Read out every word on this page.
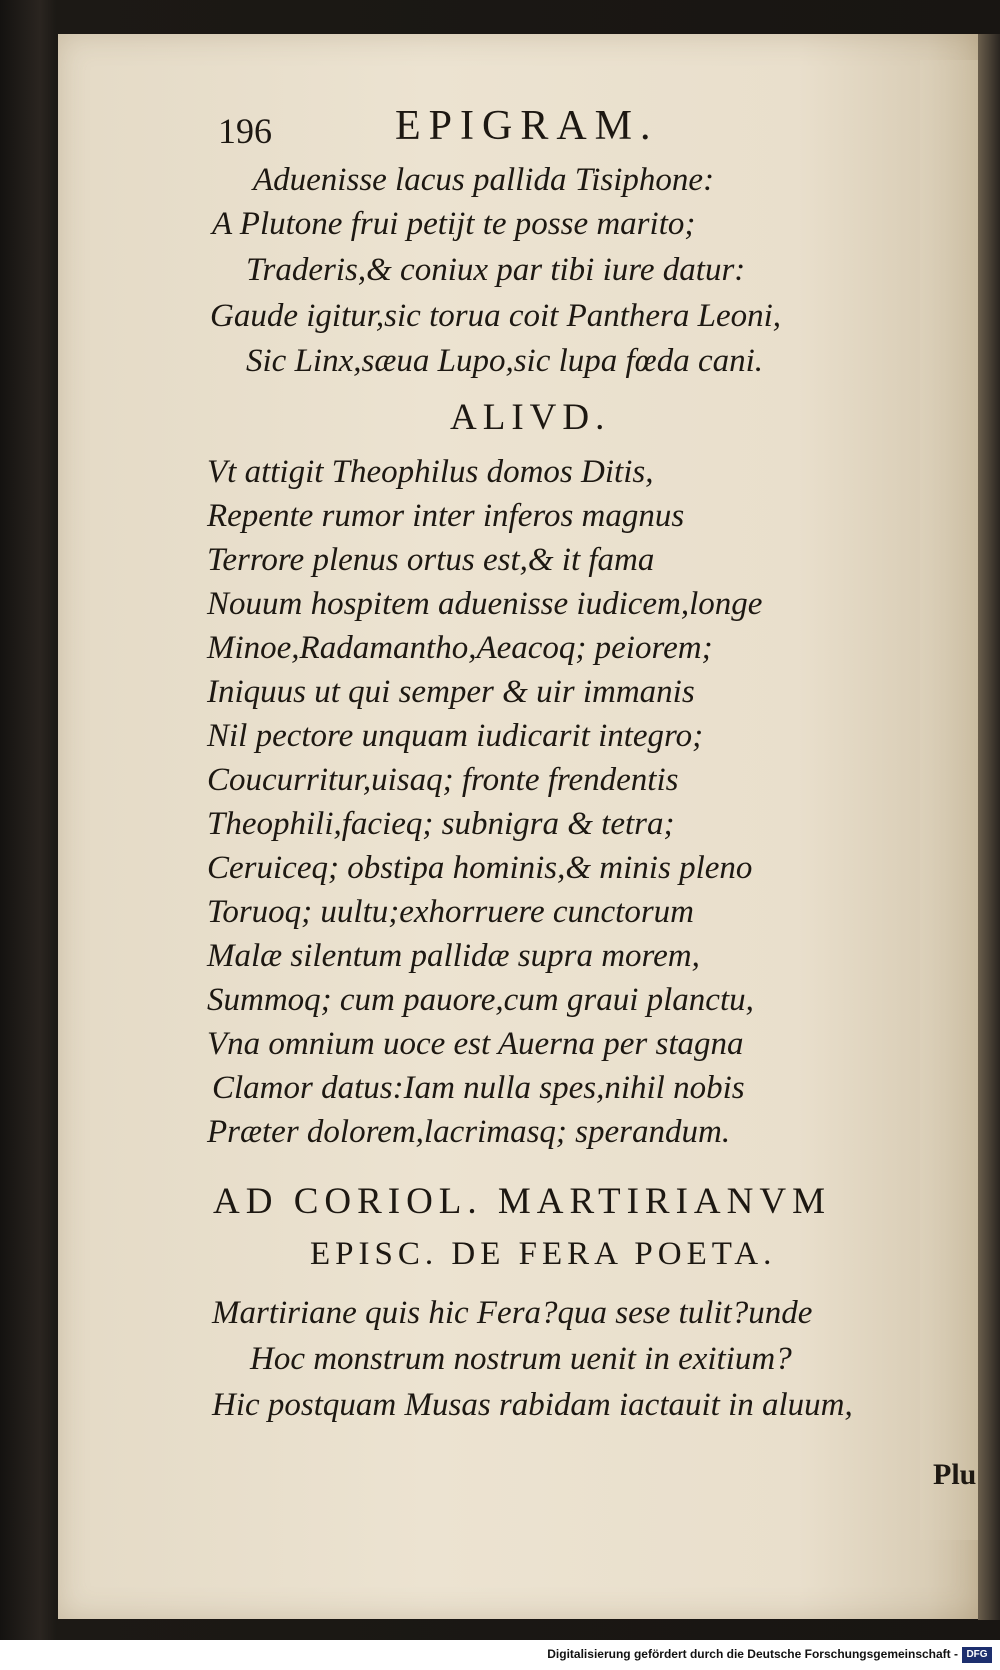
196	EPIGRAM.
Aduenisse lacus pallida Tisiphone:
A Plutone frui petijt te posse marito;
Traderis,& coniux par tibi iure datur:
Gaude igitur,sic torua coit Panthera Leoni,
Sic Linx,sæua Lupo,sic lupa fœda cani.
ALIVD.
Vt attigit Theophilus domos Ditis,
Repente rumor inter inferos magnus
Terrore plenus ortus est,& it fama
Nouum hospitem aduenisse iudicem,longe
Minoe,Radamantho,Aeacoq; peiorem;
Iniquus ut qui semper & uir immanis
Nil pectore unquam iudicarit integro;
Coucurritur,uisaq; fronte frendentis
Theophili,facieq; subnigra & tetra;
Ceruiceq; obstipa hominis,& minis pleno
Toruoq; uultu;exhorruere cunctorum
Malæ silentum pallidæ supra morem,
Summoq; cum pauore,cum graui planctu,
Vna omnium uoce est Auerna per stagna
Clamor datus:Iam nulla spes,nihil nobis
Præter dolorem,lacrimasq; sperandum.
AD CORIOL. MARTIRIANVM
EPISC. DE FERA POETA.
Martiriane quis hic Fera?qua sese tulit?unde
Hoc monstrum nostrum uenit in exitium?
Hic postquam Musas rabidam iactauit in aluum,
Plu
Digitalisierung gefördert durch die Deutsche Forschungsgemeinschaft - DFG
